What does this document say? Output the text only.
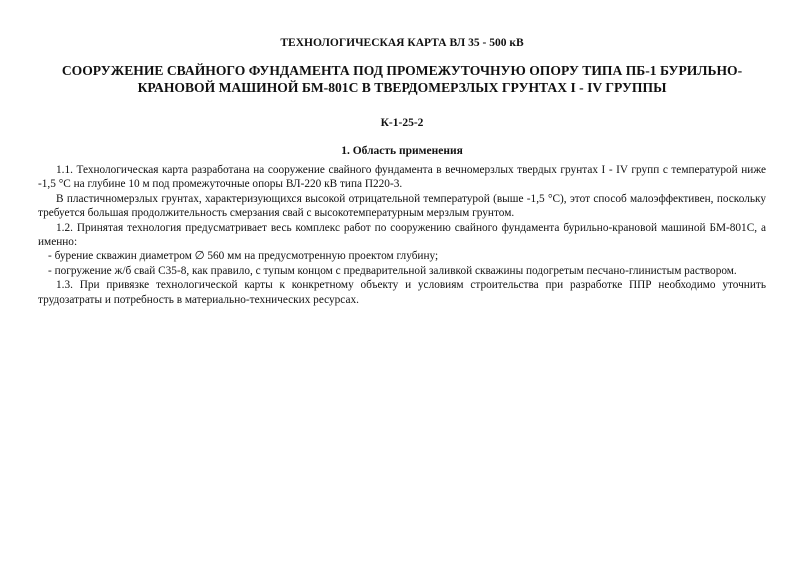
ТЕХНОЛОГИЧЕСКАЯ КАРТА ВЛ 35 - 500 кВ
СООРУЖЕНИЕ СВАЙНОГО ФУНДАМЕНТА ПОД ПРОМЕЖУТОЧНУЮ ОПОРУ ТИПА ПБ-1 БУРИЛЬНО-КРАНОВОЙ МАШИНОЙ БМ-801С В ТВЕРДОМЕРЗЛЫХ ГРУНТАХ I - IV ГРУППЫ
К-1-25-2
1. Область применения

1.1. Технологическая карта разработана на сооружение свайного фундамента в вечномерзлых твердых грунтах I - IV групп с температурой ниже -1,5 °С на глубине 10 м под промежуточные опоры ВЛ-220 кВ типа П220-3.

В пластичномерзлых грунтах, характеризующихся высокой отрицательной температурой (выше -1,5 °С), этот способ малоэффективен, поскольку требуется большая продолжительность смерзания свай с высокотемпературным мерзлым грунтом.

1.2. Принятая технология предусматривает весь комплекс работ по сооружению свайного фундамента бурильно-крановой машиной БМ-801С, а именно:

- бурение скважин диаметром ∅ 560 мм на предусмотренную проектом глубину;

- погружение ж/б свай С35-8, как правило, с тупым концом с предварительной заливкой скважины подогретым песчано-глинистым раствором.

1.3. При привязке технологической карты к конкретному объекту и условиям строительства при разработке ППР необходимо уточнить трудозатраты и потребность в материально-технических ресурсах.
